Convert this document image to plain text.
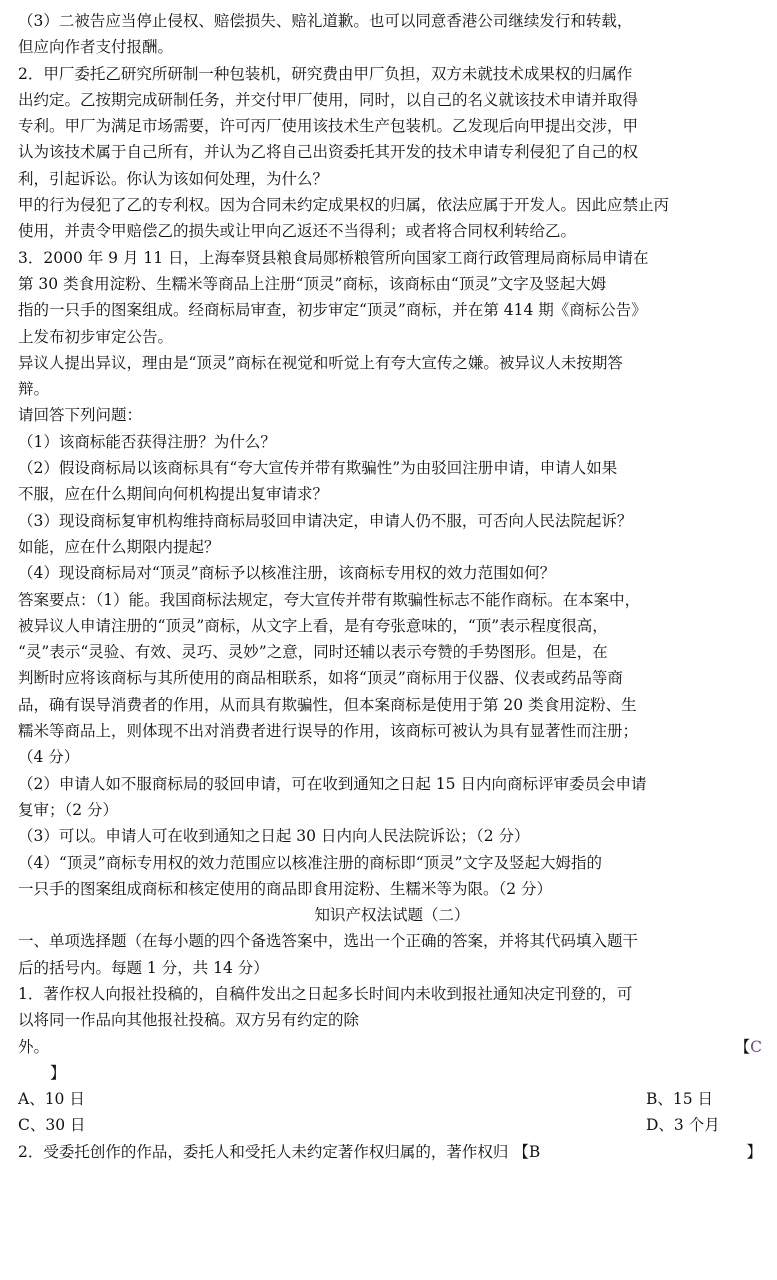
（3）二被告应当停止侵权、赔偿损失、赔礼道歉。也可以同意香港公司继续发行和转载，
但应向作者支付报酬。
2．甲厂委托乙研究所研制一种包装机，研究费由甲厂负担，双方未就技术成果权的归属作
出约定。乙按期完成研制任务，并交付甲厂使用，同时，以自己的名义就该技术申请并取得
专利。甲厂为满足市场需要，许可丙厂使用该技术生产包装机。乙发现后向甲提出交涉，甲
认为该技术属于自己所有，并认为乙将自己出资委托其开发的技术申请专利侵犯了自己的权
利，引起诉讼。你认为该如何处理，为什么？
甲的行为侵犯了乙的专利权。因为合同未约定成果权的归属，依法应属于开发人。因此应禁止丙
使用，并责令甲赔偿乙的损失或让甲向乙返还不当得利；或者将合同权利转给乙。
3．2000 年 9 月 11 日，上海奉贤县粮食局郧桥粮管所向国家工商行政管理局商标局申请在
第 30 类食用淀粉、生糯米等商品上注册“顶灵”商标，该商标由“顶灵”文字及竖起大姆
指的一只手的图案组成。经商标局审查，初步审定“顶灵”商标，并在第 414 期《商标公告》
上发布初步审定公告。
异议人提出异议，理由是“顶灵”商标在视觉和听觉上有夸大宣传之嫌。被异议人未按期答
辩。
请回答下列问题：
（1）该商标能否获得注册？为什么？
（2）假设商标局以该商标具有“夸大宣传并带有欺骗性”为由驳回注册申请，申请人如果
不服，应在什么期间向何机构提出复审请求？
（3）现设商标复审机构维持商标局驳回申请决定，申请人仍不服，可否向人民法院起诉？
如能，应在什么期限内提起？
（4）现设商标局对“顶灵”商标予以核准注册，该商标专用权的效力范围如何？
答案要点：（1）能。我国商标法规定，夸大宣传并带有欺骗性标志不能作商标。在本案中，
被异议人申请注册的“顶灵”商标，从文字上看，是有夸张意味的，“顶”表示程度很高，
“灵”表示“灵验、有效、灵巧、灵妙”之意，同时还辅以表示夸赞的手势图形。但是，在
判断时应将该商标与其所使用的商品相联系，如将“顶灵”商标用于仪器、仪表或药品等商
品，确有误导消费者的作用，从而具有欺骗性，但本案商标是使用于第 20 类食用淀粉、生
糯米等商品上，则体现不出对消费者进行误导的作用，该商标可被认为具有显著性而注册；
（4 分）
（2）申请人如不服商标局的驳回申请，可在收到通知之日起 15 日内向商标评审委员会申请
复审；（2 分）
（3）可以。申请人可在收到通知之日起 30 日内向人民法院诉讼；（2 分）
（4）“顶灵”商标专用权的效力范围应以核准注册的商标即“顶灵”文字及竖起大姆指的
一只手的图案组成商标和核定使用的商品即食用淀粉、生糯米等为限。（2 分）
知识产权法试题（二）
一、单项选择题（在每小题的四个备选答案中，选出一个正确的答案，并将其代码填入题干
后的括号内。每题 1 分，共 14 分）
1．著作权人向报社投稿的，自稿件发出之日起多长时间内未收到报社通知决定刊登的，可
以将同一作品向其他报社投稿。双方另有约定的除
外。	【C
】
A、10 日	B、15 日
C、30 日	D、3 个月
2．受委托创作的作品，委托人和受托人未约定著作权归属的，著作权归 【B	】
